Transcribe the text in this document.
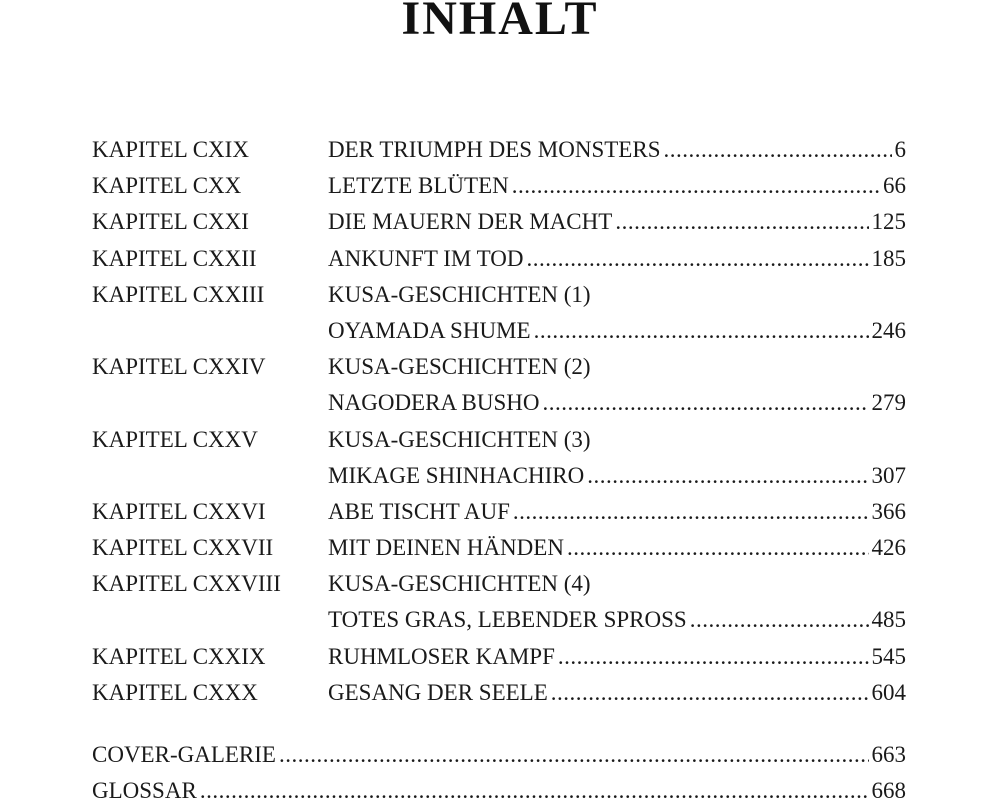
INHALT
KAPITEL CXIX	DER TRIUMPH DES MONSTERS .....	6
KAPITEL CXX	LETZTE BLÜTEN .....	66
KAPITEL CXXI	DIE MAUERN DER MACHT .....	125
KAPITEL CXXII	ANKUNFT IM TOD .....	185
KAPITEL CXXIII	KUSA-GESCHICHTEN (1)
OYAMADA SHUME .....	246
KAPITEL CXXIV	KUSA-GESCHICHTEN (2)
NAGODERA BUSHO .....	279
KAPITEL CXXV	KUSA-GESCHICHTEN (3)
MIKAGE SHINHACHIRO .....	307
KAPITEL CXXVI	ABE TISCHT AUF .....	366
KAPITEL CXXVII	MIT DEINEN HÄNDEN .....	426
KAPITEL CXXVIII	KUSA-GESCHICHTEN (4)
TOTES GRAS, LEBENDER SPROSS .....	485
KAPITEL CXXIX	RUHMLOSER KAMPF .....	545
KAPITEL CXXX	GESANG DER SEELE .....	604
COVER-GALERIE .....	663
GLOSSAR .....	668
